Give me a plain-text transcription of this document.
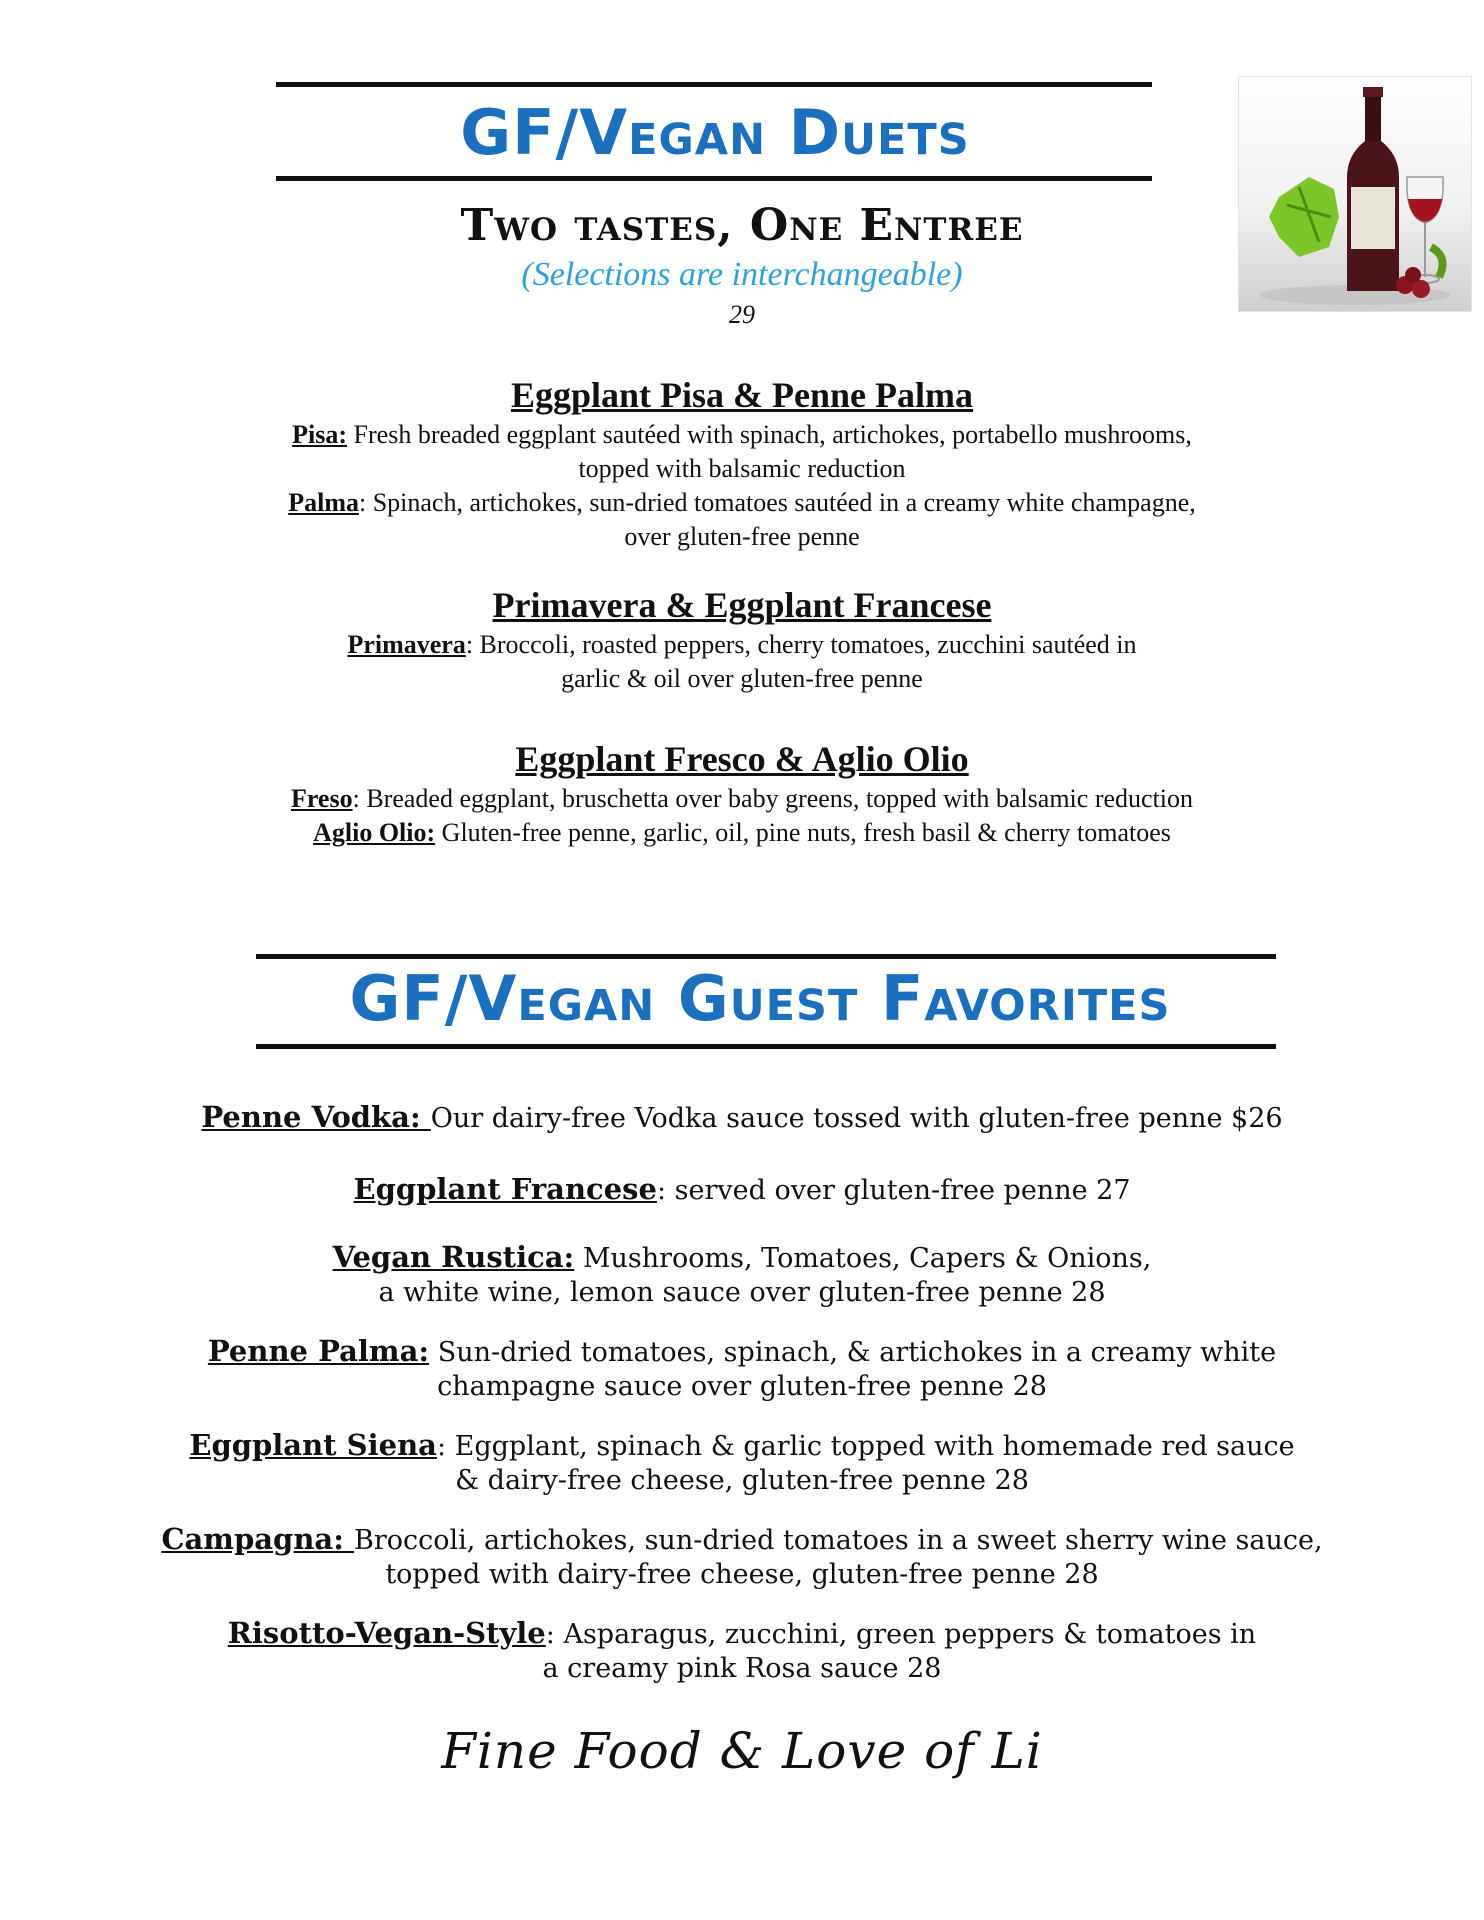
GF/Vegan Duets
Two tastes, One Entree
(Selections are interchangeable)
29
Eggplant Pisa & Penne Palma
Pisa: Fresh breaded eggplant sautéed with spinach, artichokes, portabello mushrooms,
topped with balsamic reduction
Palma: Spinach, artichokes, sun-dried tomatoes sautéed in a creamy white champagne,
over gluten-free penne
Primavera & Eggplant Francese
Primavera: Broccoli, roasted peppers, cherry tomatoes, zucchini sautéed in
garlic & oil over gluten-free penne
Eggplant Fresco & Aglio Olio
Freso: Breaded eggplant, bruschetta over baby greens, topped with balsamic reduction
Aglio Olio: Gluten-free penne, garlic, oil, pine nuts, fresh basil & cherry tomatoes
GF/Vegan Guest Favorites
Penne Vodka: Our dairy-free Vodka sauce tossed with gluten-free penne $26
Eggplant Francese: served over gluten-free penne 27
Vegan Rustica: Mushrooms, Tomatoes, Capers & Onions,
a white wine, lemon sauce over gluten-free penne 28
Penne Palma: Sun-dried tomatoes, spinach, & artichokes in a creamy white
champagne sauce over gluten-free penne 28
Eggplant Siena: Eggplant, spinach & garlic topped with homemade red sauce
& dairy-free cheese, gluten-free penne 28
Campagna: Broccoli, artichokes, sun-dried tomatoes in a sweet sherry wine sauce,
topped with dairy-free cheese, gluten-free penne 28
Risotto-Vegan-Style: Asparagus, zucchini, green peppers & tomatoes in
a creamy pink Rosa sauce 28
Fine Food & Love of Li
